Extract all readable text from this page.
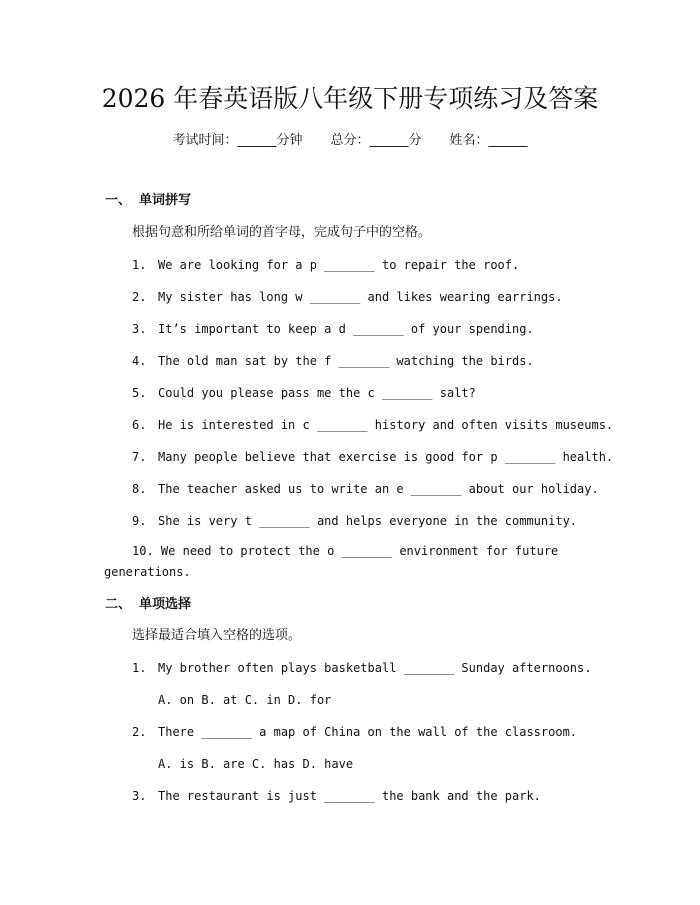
2026 年春英语版八年级下册专项练习及答案
考试时间：______分钟 总分：______分 姓名：______
一、 单词拼写
根据句意和所给单词的首字母，完成句子中的空格。
1. We are looking for a p _______ to repair the roof.
2. My sister has long w _______ and likes wearing earrings.
3. It’s important to keep a d _______ of your spending.
4. The old man sat by the f _______ watching the birds.
5. Could you please pass me the c _______ salt?
6. He is interested in c _______ history and often visits museums.
7. Many people believe that exercise is good for p _______ health.
8. The teacher asked us to write an e _______ about our holiday.
9. She is very t _______ and helps everyone in the community.
10. We need to protect the o _______ environment for future generations.
二、 单项选择
选择最适合填入空格的选项。
1. My brother often plays basketball _______ Sunday afternoons.
A. on B. at C. in D. for
2. There _______ a map of China on the wall of the classroom.
A. is B. are C. has D. have
3. The restaurant is just _______ the bank and the park.
